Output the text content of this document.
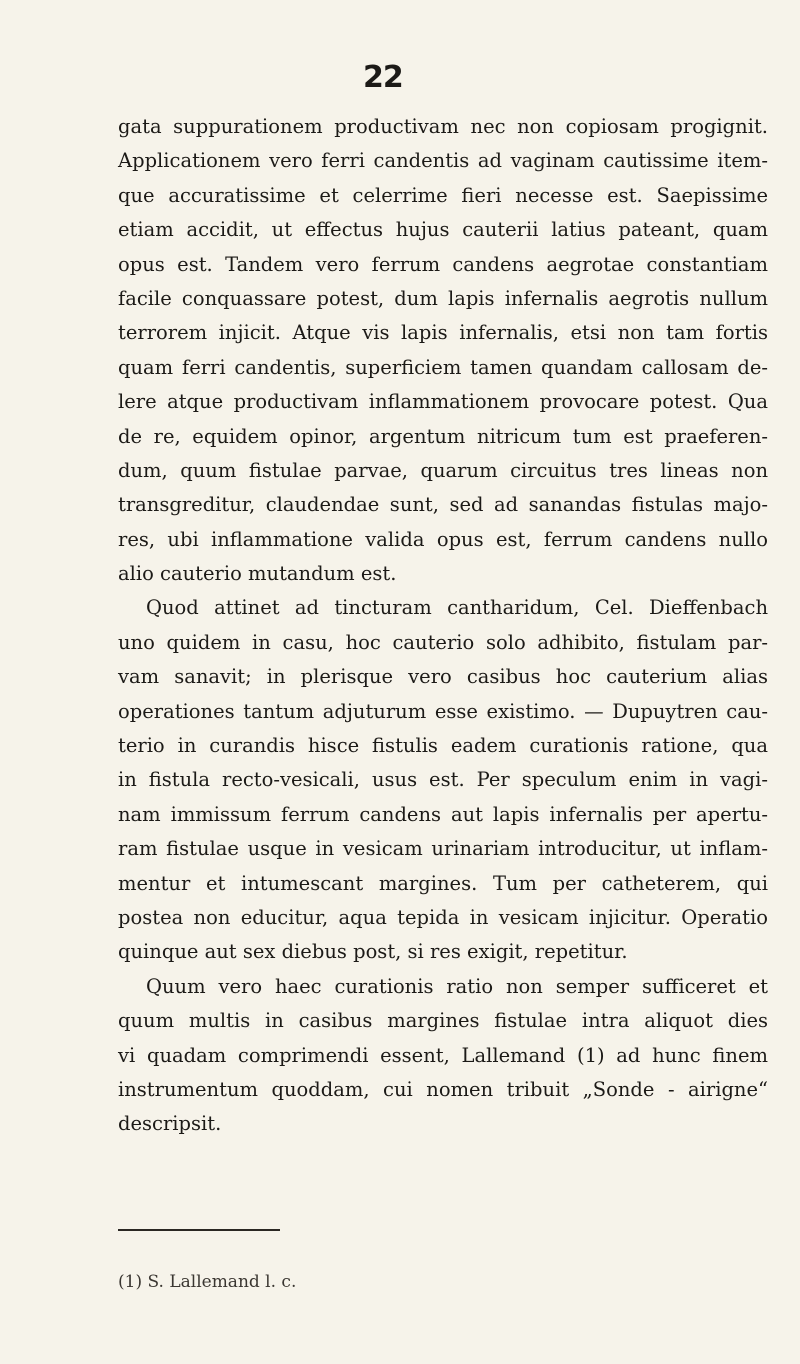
22
gata suppurationem productivam nec non copiosam progignit.
Applicationem vero ferri candentis ad vaginam cautissime item-
que accuratissime et celerrime fieri necesse est. Saepissime
etiam accidit, ut effectus hujus cauterii latius pateant, quam
opus est. Tandem vero ferrum candens aegrotae constantiam
facile conquassare potest, dum lapis infernalis aegrotis nullum
terrorem injicit. Atque vis lapis infernalis, etsi non tam fortis
quam ferri candentis, superficiem tamen quandam callosam de-
lere atque productivam inflammationem provocare potest. Qua
de re, equidem opinor, argentum nitricum tum est praeferen-
dum, quum fistulae parvae, quarum circuitus tres lineas non
transgreditur, claudendae sunt, sed ad sanandas fistulas majo-
res, ubi inflammatione valida opus est, ferrum candens nullo
alio cauterio mutandum est.
Quod attinet ad tincturam cantharidum, Cel. Dieffenbach
uno quidem in casu, hoc cauterio solo adhibito, fistulam par-
vam sanavit; in plerisque vero casibus hoc cauterium alias
operationes tantum adjuturum esse existimo. — Dupuytren cau-
terio in curandis hisce fistulis eadem curationis ratione, qua
in fistula recto-vesicali, usus est. Per speculum enim in vagi-
nam immissum ferrum candens aut lapis infernalis per apertu-
ram fistulae usque in vesicam urinariam introducitur, ut inflam-
mentur et intumescant margines. Tum per catheterem, qui
postea non educitur, aqua tepida in vesicam injicitur. Operatio
quinque aut sex diebus post, si res exigit, repetitur.
Quum vero haec curationis ratio non semper sufficeret et
quum multis in casibus margines fistulae intra aliquot dies
vi quadam comprimendi essent, Lallemand (1) ad hunc finem
instrumentum quoddam, cui nomen tribuit „Sonde - airigne“
descripsit.
(1) S. Lallemand l. c.
